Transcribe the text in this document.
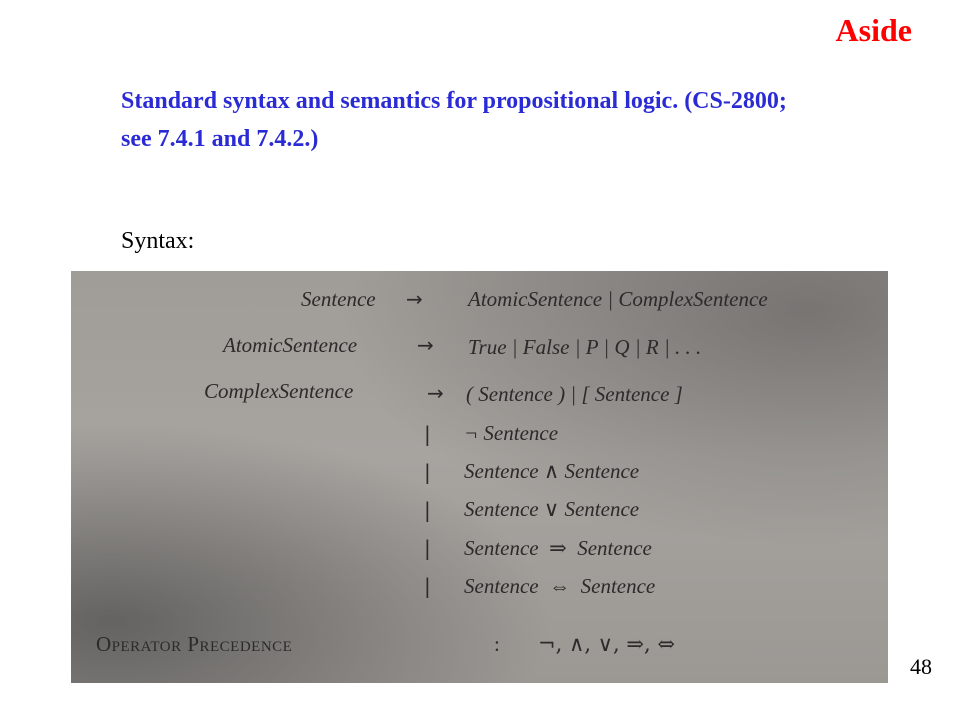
Aside
Standard syntax and semantics for propositional logic. (CS-2800; see 7.4.1 and 7.4.2.)
Syntax:

Sentence → AtomicSentence | ComplexSentence
AtomicSentence	→ True | False | P | Q | R | . . .
ComplexSentence	→ ( Sentence ) | [ Sentence ]
| ¬ Sentence
| Sentence ∧ Sentence
| Sentence ∨ Sentence
| Sentence  ⇒  Sentence
| Sentence  ⇔  Sentence
Operator Precedence	: ¬, ∧, ∨, ⇒, ⇔
48
